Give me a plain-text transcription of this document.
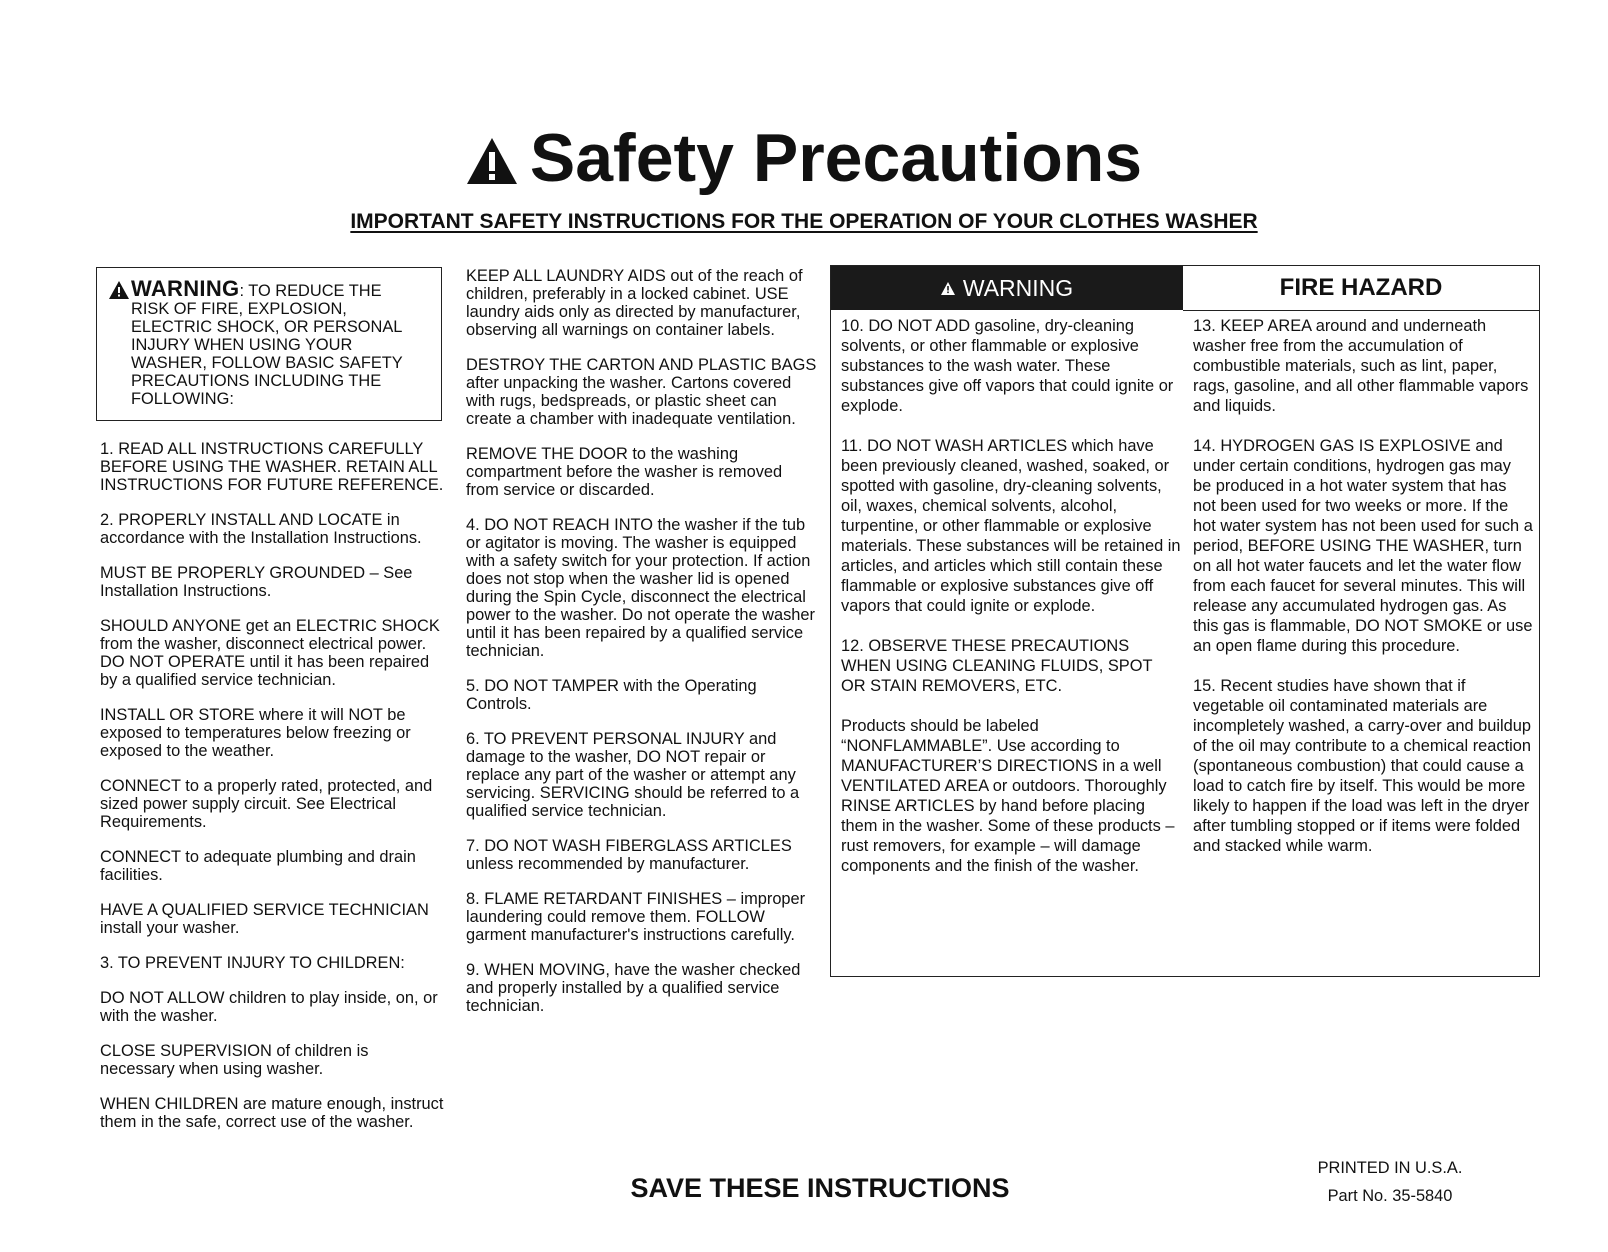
Safety Precautions
IMPORTANT SAFETY INSTRUCTIONS FOR THE OPERATION OF YOUR CLOTHES WASHER
WARNING : TO REDUCE THE
RISK OF FIRE, EXPLOSION, ELECTRIC SHOCK, OR PERSONAL INJURY WHEN USING YOUR WASHER, FOLLOW BASIC SAFETY PRECAUTIONS INCLUDING THE FOLLOWING:

1. READ ALL INSTRUCTIONS CAREFULLY BEFORE USING THE WASHER. RETAIN ALL INSTRUCTIONS FOR FUTURE REFERENCE.

2. PROPERLY INSTALL AND LOCATE in accordance with the Installation Instructions.

MUST BE PROPERLY GROUNDED – See Installation Instructions.

SHOULD ANYONE get an ELECTRIC SHOCK from the washer, disconnect electrical power. DO NOT OPERATE until it has been repaired by a qualified service technician.

INSTALL OR STORE where it will NOT be exposed to temperatures below freezing or exposed to the weather.

CONNECT to a properly rated, protected, and sized power supply circuit. See Electrical Requirements.

CONNECT to adequate plumbing and drain facilities.

HAVE A QUALIFIED SERVICE TECHNICIAN install your washer.

3. TO PREVENT INJURY TO CHILDREN:

DO NOT ALLOW children to play inside, on, or with the washer.

CLOSE SUPERVISION of children is necessary when using washer.

WHEN CHILDREN are mature enough, instruct them in the safe, correct use of the washer.

KEEP ALL LAUNDRY AIDS out of the reach of children, preferably in a locked cabinet. USE laundry aids only as directed by manufacturer, observing all warnings on container labels.

DESTROY THE CARTON AND PLASTIC BAGS after unpacking the washer. Cartons covered with rugs, bedspreads, or plastic sheet can create a chamber with inadequate ventilation.

REMOVE THE DOOR to the washing compartment before the washer is removed from service or discarded.

4. DO NOT REACH INTO the washer if the tub or agitator is moving. The washer is equipped with a safety switch for your protection. If action does not stop when the washer lid is opened during the Spin Cycle, disconnect the electrical power to the washer. Do not operate the washer until it has been repaired by a qualified service technician.

5. DO NOT TAMPER with the Operating Controls.

6. TO PREVENT PERSONAL INJURY and damage to the washer, DO NOT repair or replace any part of the washer or attempt any servicing. SERVICING should be referred to a qualified service technician.

7. DO NOT WASH FIBERGLASS ARTICLES unless recommended by manufacturer.

8. FLAME RETARDANT FINISHES – improper laundering could remove them. FOLLOW garment manufacturer's instructions carefully.

9. WHEN MOVING, have the washer checked and properly installed by a qualified service technician.

WARNING	FIRE HAZARD

10. DO NOT ADD gasoline, dry-cleaning solvents, or other flammable or explosive substances to the wash water. These substances give off vapors that could ignite or explode.

11. DO NOT WASH ARTICLES which have been previously cleaned, washed, soaked, or spotted with gasoline, dry-cleaning solvents, oil, waxes, chemical solvents, alcohol, turpentine, or other flammable or explosive materials. These substances will be retained in articles, and articles which still contain these flammable or explosive substances give off vapors that could ignite or explode.

12. OBSERVE THESE PRECAUTIONS WHEN USING CLEANING FLUIDS, SPOT OR STAIN REMOVERS, ETC.

Products should be labeled “NONFLAMMABLE”. Use according to MANUFACTURER’S DIRECTIONS in a well VENTILATED AREA or outdoors. Thoroughly RINSE ARTICLES by hand before placing them in the washer. Some of these products – rust removers, for example – will damage components and the finish of the washer.

13. KEEP AREA around and underneath washer free from the accumulation of combustible materials, such as lint, paper, rags, gasoline, and all other flammable vapors and liquids.

14. HYDROGEN GAS IS EXPLOSIVE and under certain conditions, hydrogen gas may be produced in a hot water system that has not been used for two weeks or more. If the hot water system has not been used for such a period, BEFORE USING THE WASHER, turn on all hot water faucets and let the water flow from each faucet for several minutes. This will release any accumulated hydrogen gas. As this gas is flammable, DO NOT SMOKE or use an open flame during this procedure.

15. Recent studies have shown that if vegetable oil contaminated materials are incompletely washed, a carry-over and buildup of the oil may contribute to a chemical reaction (spontaneous combustion) that could cause a load to catch fire by itself. This would be more likely to happen if the load was left in the dryer after tumbling stopped or if items were folded and stacked while warm.

SAVE THESE INSTRUCTIONS
PRINTED IN U.S.A.
Part No. 35-5840
